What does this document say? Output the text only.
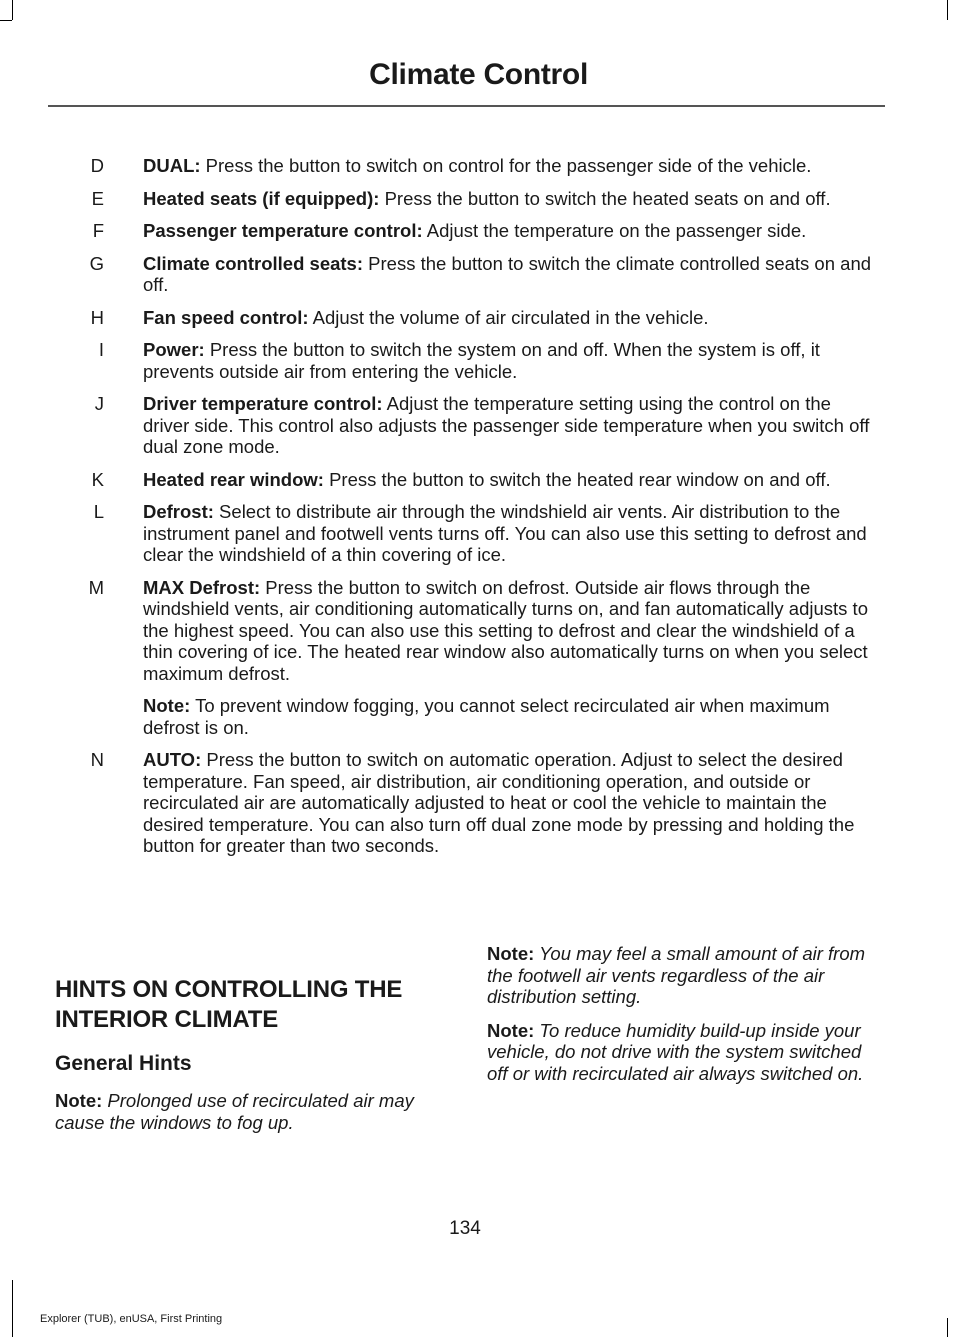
Climate Control
D DUAL: Press the button to switch on control for the passenger side of the vehicle.
E Heated seats (if equipped): Press the button to switch the heated seats on and off.
F Passenger temperature control: Adjust the temperature on the passenger side.
G Climate controlled seats: Press the button to switch the climate controlled seats on and off.
H Fan speed control: Adjust the volume of air circulated in the vehicle.
I Power: Press the button to switch the system on and off. When the system is off, it prevents outside air from entering the vehicle.
J Driver temperature control: Adjust the temperature setting using the control on the driver side. This control also adjusts the passenger side temperature when you switch off dual zone mode.
K Heated rear window: Press the button to switch the heated rear window on and off.
L Defrost: Select to distribute air through the windshield air vents. Air distribution to the instrument panel and footwell vents turns off. You can also use this setting to defrost and clear the windshield of a thin covering of ice.
M MAX Defrost: Press the button to switch on defrost. Outside air flows through the windshield vents, air conditioning automatically turns on, and fan automatically adjusts to the highest speed. You can also use this setting to defrost and clear the windshield of a thin covering of ice. The heated rear window also automatically turns on when you select maximum defrost.
Note: To prevent window fogging, you cannot select recirculated air when maximum defrost is on.
N AUTO: Press the button to switch on automatic operation. Adjust to select the desired temperature. Fan speed, air distribution, air conditioning operation, and outside or recirculated air are automatically adjusted to heat or cool the vehicle to maintain the desired temperature. You can also turn off dual zone mode by pressing and holding the button for greater than two seconds.
HINTS ON CONTROLLING THE
INTERIOR CLIMATE
General Hints

Note: Prolonged use of recirculated air may cause the windows to fog up.

Note: You may feel a small amount of air from the footwell air vents regardless of the air distribution setting.

Note: To reduce humidity build-up inside your vehicle, do not drive with the system switched off or with recirculated air always switched on.

134
Explorer (TUB), enUSA, First Printing
